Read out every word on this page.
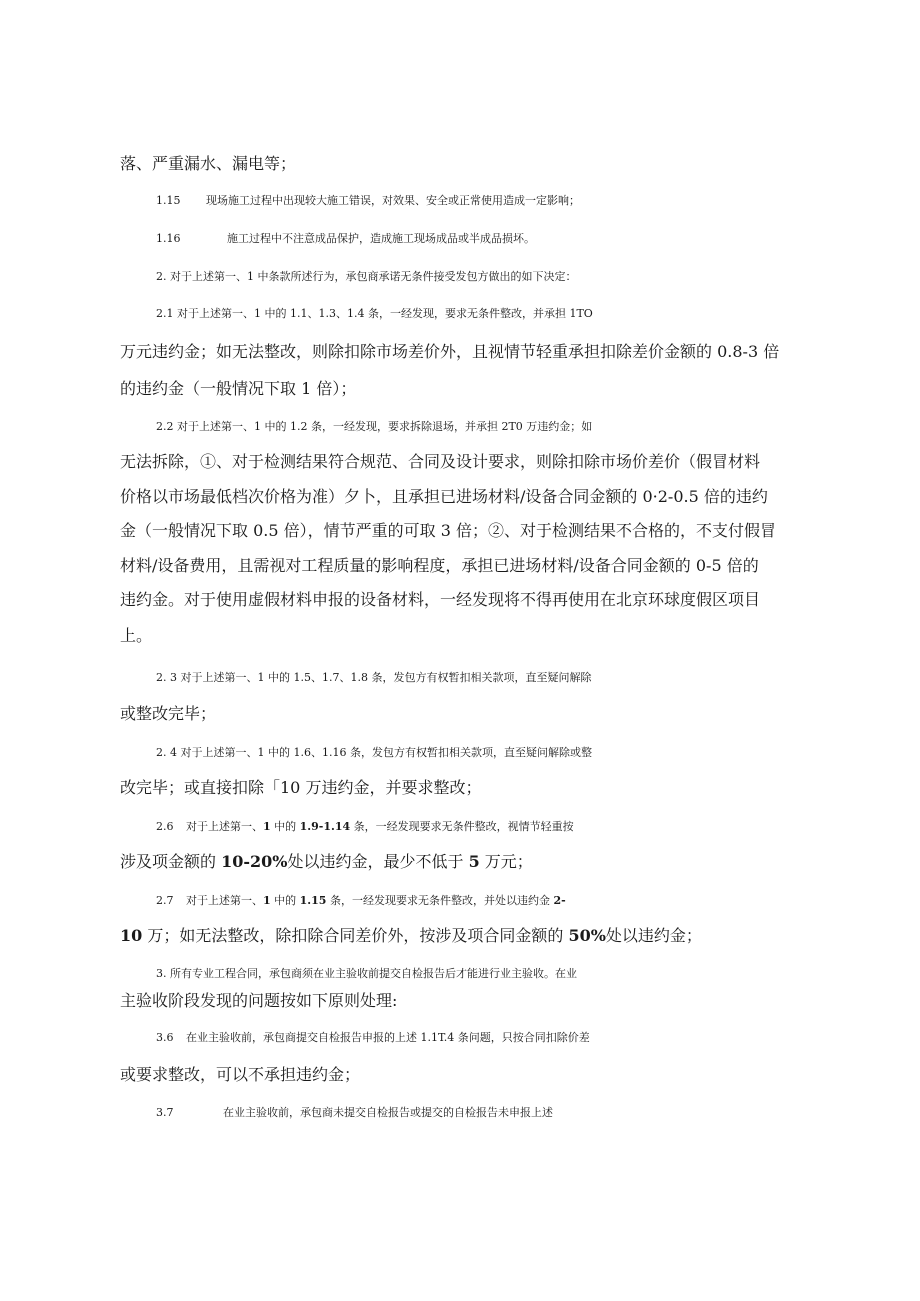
落、严重漏水、漏电等；
1.15 现场施工过程中出现较大施工错误，对效果、安全或正常使用造成一定影响；
1.16	施工过程中不注意成品保护，造成施工现场成品或半成品损坏。
2. 对于上述第一、1 中条款所述行为，承包商承诺无条件接受发包方做出的如下决定：
2.1 对于上述第一、1 中的 1.1、1.3、1.4 条，一经发现，要求无条件整改，并承担 1TO
万元违约金；如无法整改，则除扣除市场差价外，且视情节轻重承担扣除差价金额的 0.8-3 倍
的违约金（一般情况下取 1 倍）；
2.2 对于上述第一、1 中的 1.2 条，一经发现，要求拆除退场，并承担 2T0 万违约金；如
无法拆除，①、对于检测结果符合规范、合同及设计要求，则除扣除市场价差价（假冒材料
价格以市场最低档次价格为准）夕卜，且承担已进场材料/设备合同金额的 0·2-0.5 倍的违约
金（一般情况下取 0.5 倍），情节严重的可取 3 倍；②、对于检测结果不合格的，不支付假冒
材料/设备费用，且需视对工程质量的影响程度，承担已进场材料/设备合同金额的 0-5 倍的
违约金。对于使用虚假材料申报的设备材料，一经发现将不得再使用在北京环球度假区项目
上。
2. 3 对于上述第一、1 中的 1.5、1.7、1.8 条，发包方有权暂扣相关款项，直至疑问解除
或整改完毕；
2. 4 对于上述第一、1 中的 1.6、1.16 条，发包方有权暂扣相关款项，直至疑问解除或整
改完毕；或直接扣除「10 万违约金，并要求整改；
2.6 对于上述第一、1 中的 1.9-1.14 条，一经发现要求无条件整改，视情节轻重按
涉及项金额的 10-20%处以违约金，最少不低于 5 万元；
2.7 对于上述第一、1 中的 1.15 条，一经发现要求无条件整改，并处以违约金 2-
10 万；如无法整改，除扣除合同差价外，按涉及项合同金额的 50%处以违约金；
3. 所有专业工程合同，承包商须在业主验收前提交自检报告后才能进行业主验收。在业
主验收阶段发现的问题按如下原则处理:
3.6 在业主验收前，承包商提交自检报告申报的上述 1.1T.4 条问题，只按合同扣除价差
或要求整改，可以不承担违约金；
3.7	在业主验收前，承包商未提交自检报告或提交的自检报告未申报上述
